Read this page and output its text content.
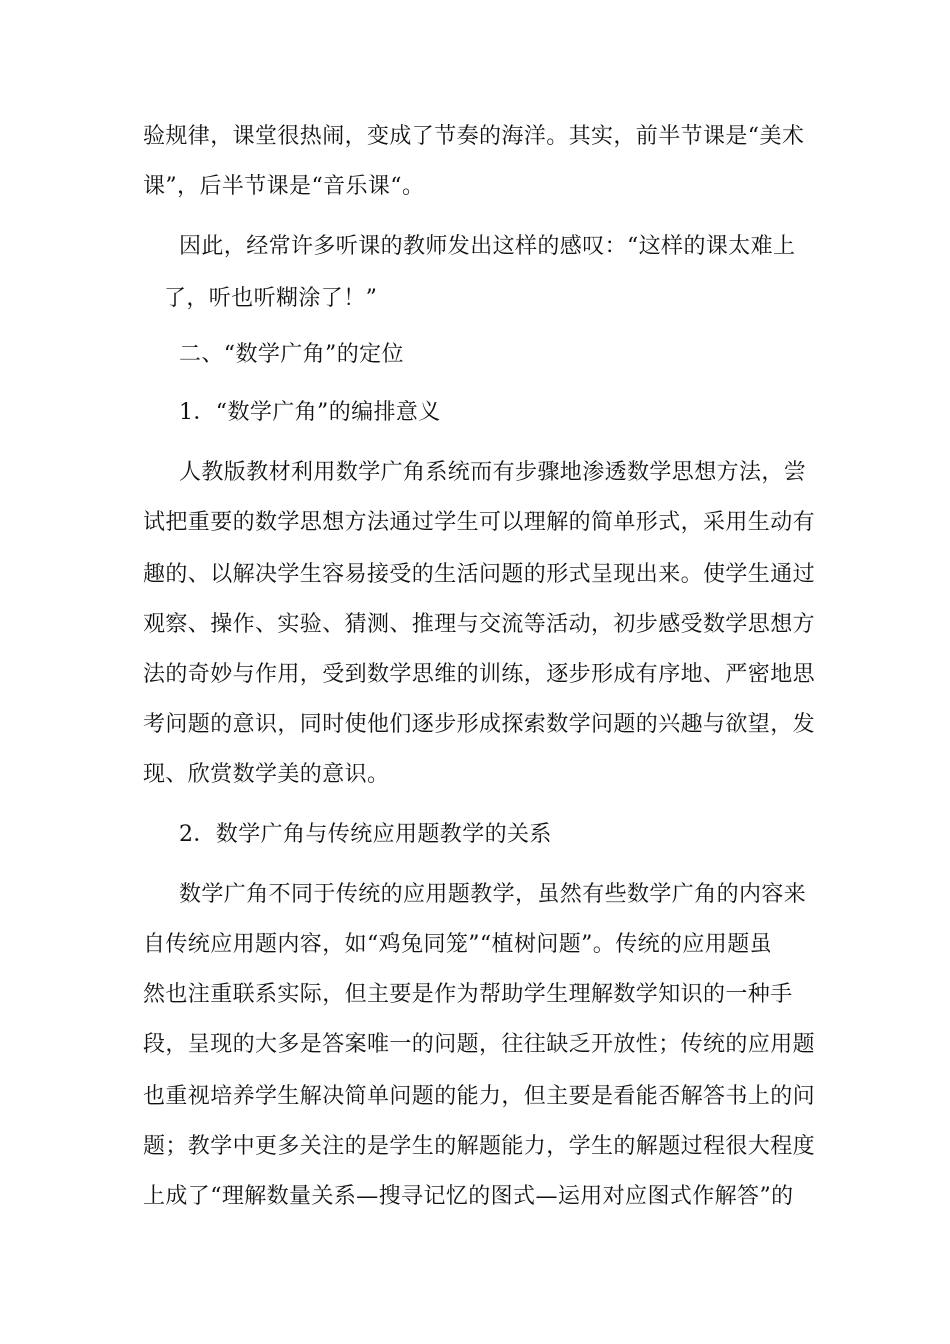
验规律，课堂很热闹，变成了节奏的海洋。其实，前半节课是“美术
课”，后半节课是“音乐课“。
因此，经常许多听课的教师发出这样的感叹：“这样的课太难上
了，听也听糊涂了！”
二、“数学广角”的定位
1．“数学广角”的编排意义
人教版教材利用数学广角系统而有步骤地渗透数学思想方法，尝
试把重要的数学思想方法通过学生可以理解的简单形式，采用生动有
趣的、以解决学生容易接受的生活问题的形式呈现出来。使学生通过
观察、操作、实验、猜测、推理与交流等活动，初步感受数学思想方
法的奇妙与作用，受到数学思维的训练，逐步形成有序地、严密地思
考问题的意识，同时使他们逐步形成探索数学问题的兴趣与欲望，发
现、欣赏数学美的意识。
2．数学广角与传统应用题教学的关系
数学广角不同于传统的应用题教学，虽然有些数学广角的内容来
自传统应用题内容，如“鸡兔同笼”“植树问题”。传统的应用题虽
然也注重联系实际，但主要是作为帮助学生理解数学知识的一种手
段，呈现的大多是答案唯一的问题，往往缺乏开放性；传统的应用题
也重视培养学生解决简单问题的能力，但主要是看能否解答书上的问
题；教学中更多关注的是学生的解题能力，学生的解题过程很大程度
上成了“理解数量关系—搜寻记忆的图式—运用对应图式作解答”的
